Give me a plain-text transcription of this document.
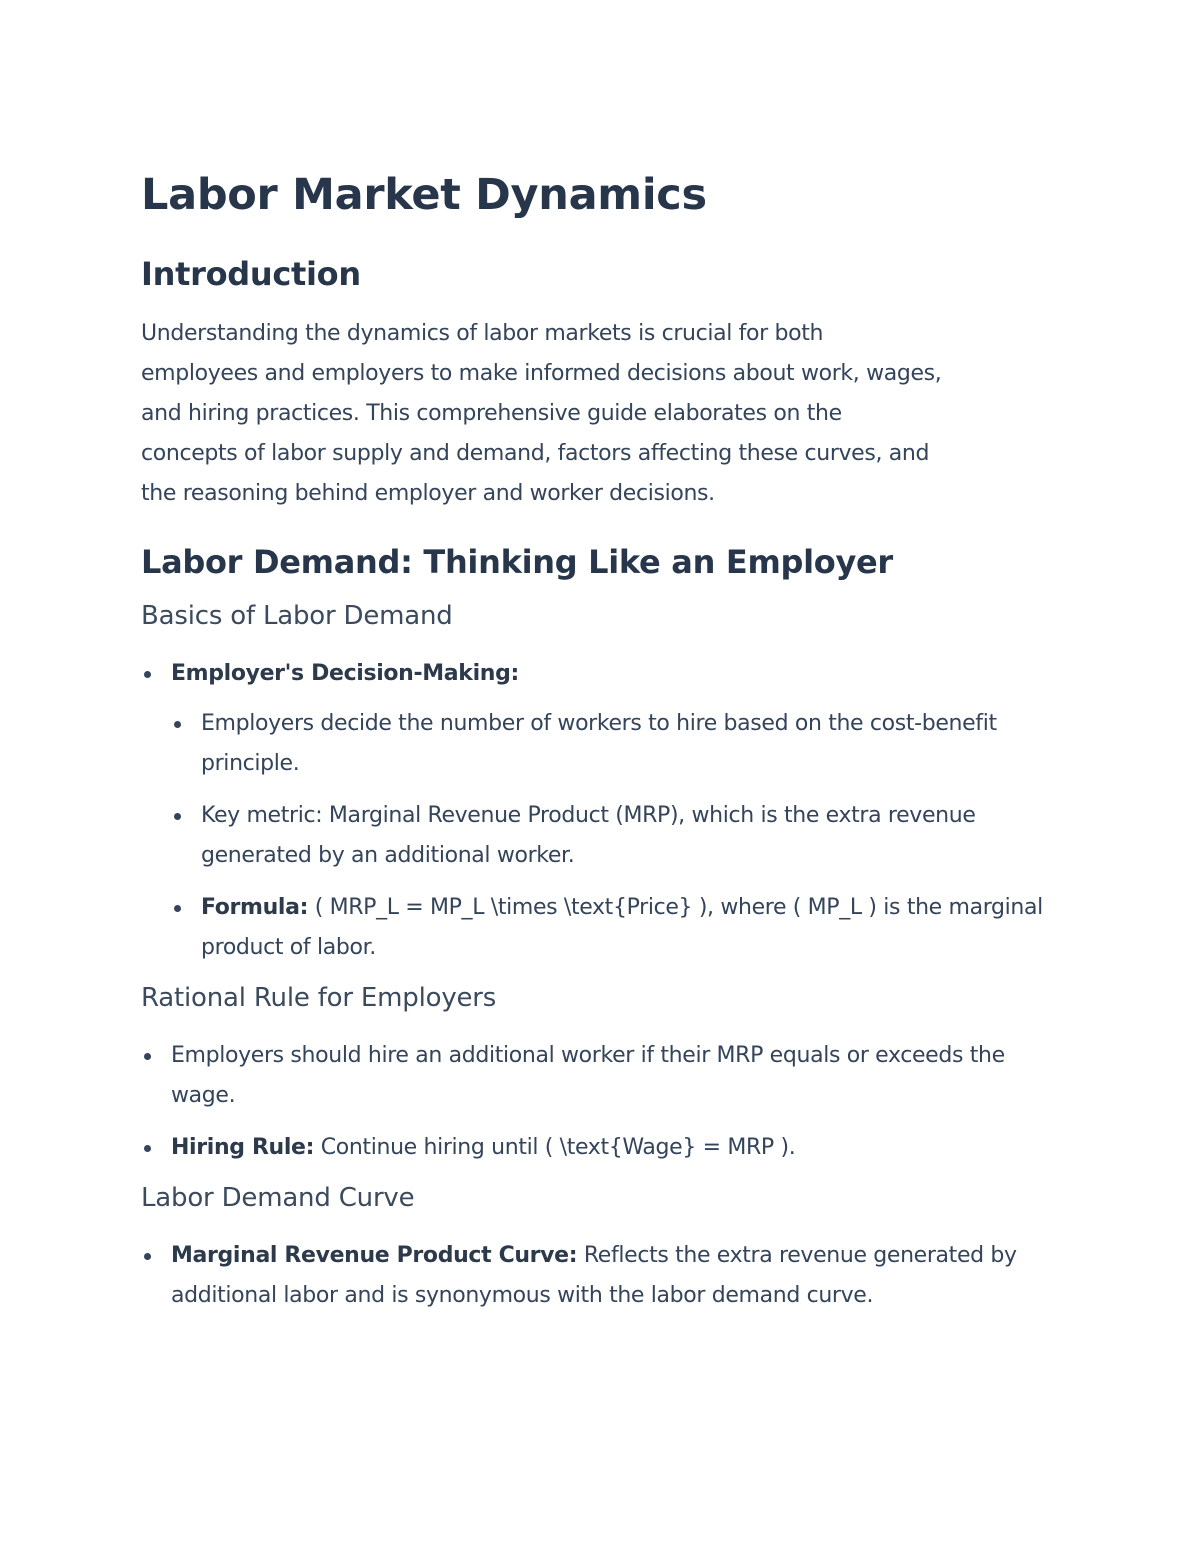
Labor Market Dynamics
Introduction

Understanding the dynamics of labor markets is crucial for both
employees and employers to make informed decisions about work, wages,
and hiring practices. This comprehensive guide elaborates on the
concepts of labor supply and demand, factors affecting these curves, and
the reasoning behind employer and worker decisions.

Labor Demand: Thinking Like an Employer
Basics of Labor Demand
Employer's Decision-Making:
Employers decide the number of workers to hire based on the cost-benefit principle.
Key metric: Marginal Revenue Product (MRP), which is the extra revenue generated by an additional worker.
Formula: ( MRP_L = MP_L \times \text{Price} ), where ( MP_L ) is the marginal product of labor.
Rational Rule for Employers
Employers should hire an additional worker if their MRP equals or exceeds the wage.
Hiring Rule: Continue hiring until ( \text{Wage} = MRP ).
Labor Demand Curve
Marginal Revenue Product Curve: Reflects the extra revenue generated by additional labor and is synonymous with the labor demand curve.
